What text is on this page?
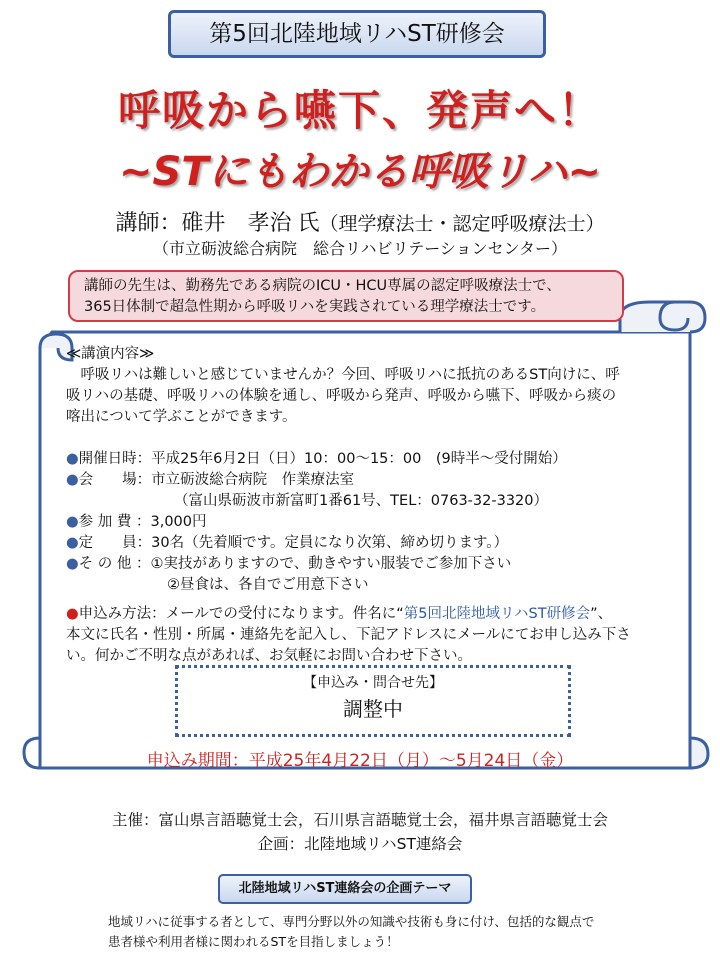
第5回北陸地域リハST研修会
呼吸から嚥下、発声へ！
~STにもわかる呼吸リハ~
講師：碓井　孝治 氏（理学療法士・認定呼吸療法士）
（市立砺波総合病院　総合リハビリテーションセンター）
講師の先生は、勤務先である病院のICU・HCU専属の認定呼吸療法士で、
365日体制で超急性期から呼吸リハを実践されている理学療法士です。

≪講演内容≫

　呼吸リハは難しいと感じていませんか？今回、呼吸リハに抵抗のあるST向けに、呼

吸リハの基礎、呼吸リハの体験を通し、呼吸から発声、呼吸から嚥下、呼吸から痰の

喀出について学ぶことができます。

●開催日時：平成25年6月2日（日）10：00〜15：00　(9時半〜受付開始）

●会　　場：市立砺波総合病院　作業療法室

（富山県砺波市新富町1番61号、TEL：0763-32-3320）

●参 加 費 ：3,000円

●定　　員：30名（先着順です。定員になり次第、締め切ります。）

●そ の 他 ：①実技がありますので、動きやすい服装でご参加下さい

②昼食は、各自でご用意下さい

●申込み方法：メールでの受付になります。件名に“第5回北陸地域リハST研修会”、

本文に氏名・性別・所属・連絡先を記入し、下記アドレスにメールにてお申し込み下さ

い。何かご不明な点があれば、お気軽にお問い合わせ下さい。

【申込み・問合せ先】
調整中
申込み期間：平成25年4月22日（月）〜5月24日（金）
主催：富山県言語聴覚士会，石川県言語聴覚士会，福井県言語聴覚士会
企画：北陸地域リハST連絡会
北陸地域リハST連絡会の企画テーマ
地域リハに従事する者として、専門分野以外の知識や技術も身に付け、包括的な観点で
患者様や利用者様に関われるSTを目指しましょう！
